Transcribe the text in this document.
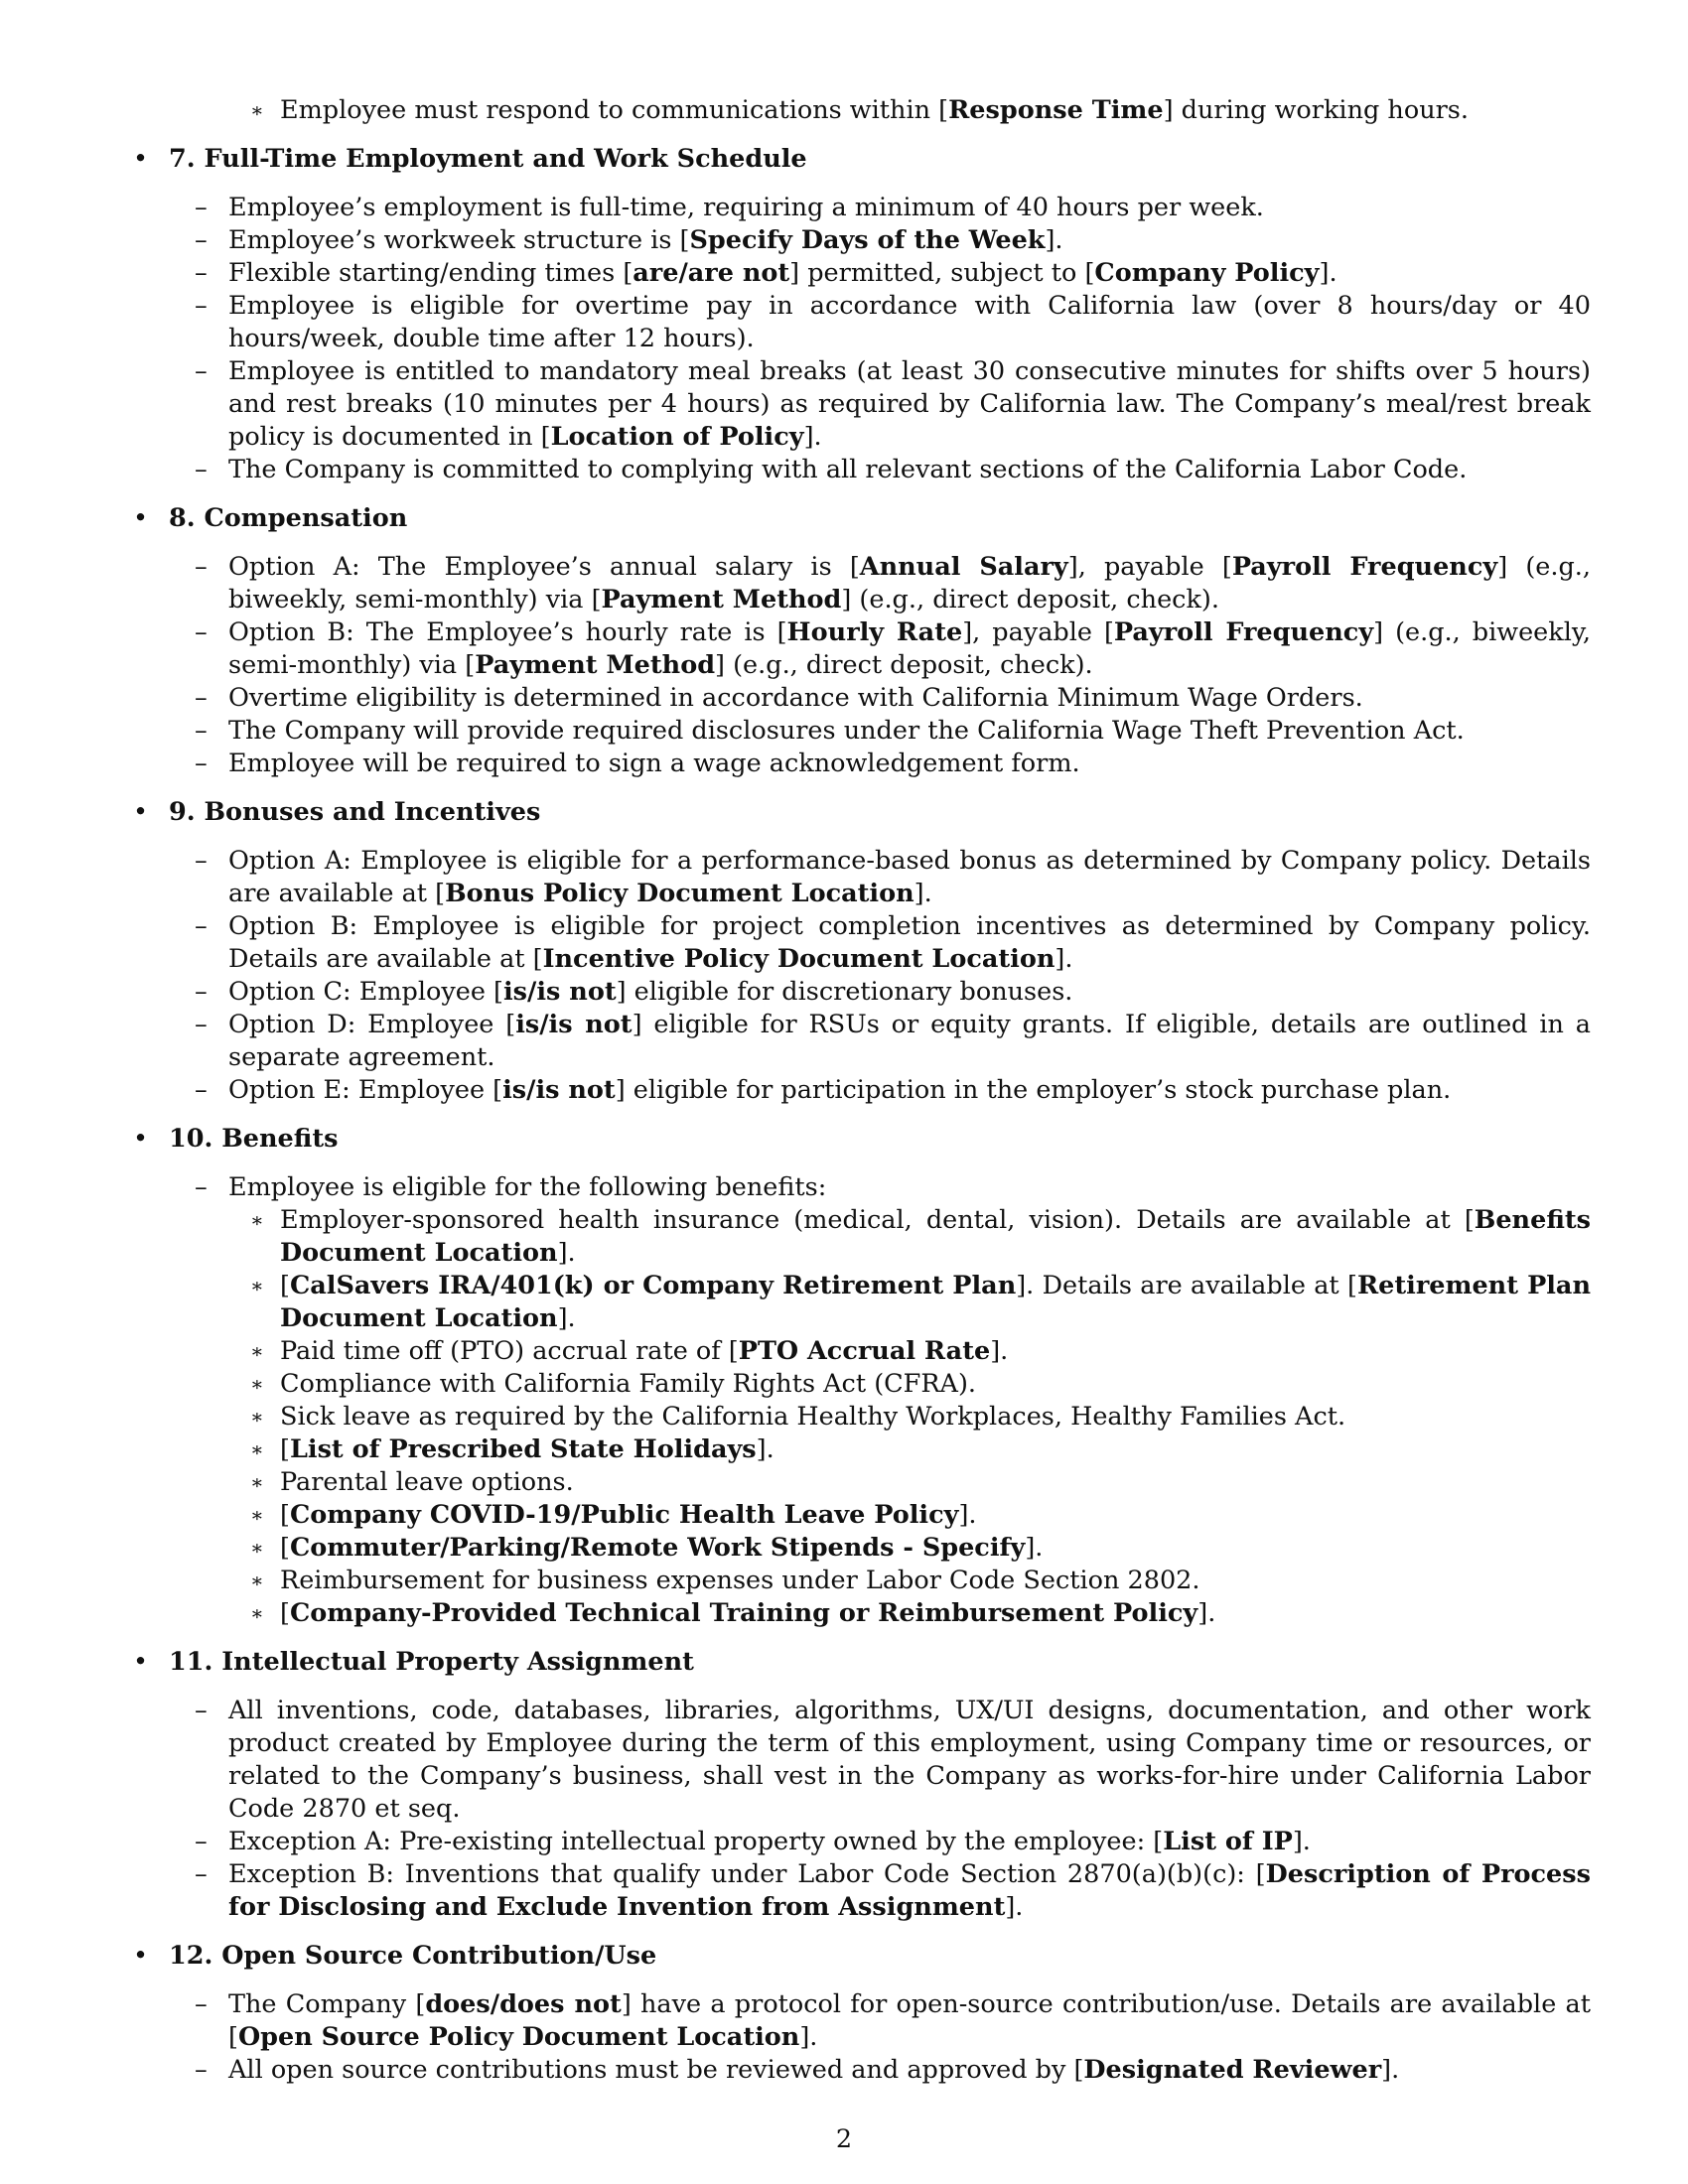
∗ Employee must respond to communications within [Response Time] during working hours.
• 7. Full-Time Employment and Work Schedule
– Employee’s employment is full-time, requiring a minimum of 40 hours per week.
– Employee’s workweek structure is [Specify Days of the Week].
– Flexible starting/ending times [are/are not] permitted, subject to [Company Policy].
– Employee is eligible for overtime pay in accordance with California law (over 8 hours/day or 40 hours/week, double time after 12 hours).
– Employee is entitled to mandatory meal breaks (at least 30 consecutive minutes for shifts over 5 hours) and rest breaks (10 minutes per 4 hours) as required by California law. The Company’s meal/rest break policy is documented in [Location of Policy].
– The Company is committed to complying with all relevant sections of the California Labor Code.
• 8. Compensation
– Option A: The Employee’s annual salary is [Annual Salary], payable [Payroll Frequency] (e.g., biweekly, semi-monthly) via [Payment Method] (e.g., direct deposit, check).
– Option B: The Employee’s hourly rate is [Hourly Rate], payable [Payroll Frequency] (e.g., biweekly, semi-monthly) via [Payment Method] (e.g., direct deposit, check).
– Overtime eligibility is determined in accordance with California Minimum Wage Orders.
– The Company will provide required disclosures under the California Wage Theft Prevention Act.
– Employee will be required to sign a wage acknowledgement form.
• 9. Bonuses and Incentives
– Option A: Employee is eligible for a performance-based bonus as determined by Company policy. Details are available at [Bonus Policy Document Location].
– Option B: Employee is eligible for project completion incentives as determined by Company policy. Details are available at [Incentive Policy Document Location].
– Option C: Employee [is/is not] eligible for discretionary bonuses.
– Option D: Employee [is/is not] eligible for RSUs or equity grants. If eligible, details are outlined in a separate agreement.
– Option E: Employee [is/is not] eligible for participation in the employer’s stock purchase plan.
• 10. Benefits
– Employee is eligible for the following benefits:
∗ Employer-sponsored health insurance (medical, dental, vision). Details are available at [Benefits Document Location].
∗ [CalSavers IRA/401(k) or Company Retirement Plan]. Details are available at [Retirement Plan Document Location].
∗ Paid time off (PTO) accrual rate of [PTO Accrual Rate].
∗ Compliance with California Family Rights Act (CFRA).
∗ Sick leave as required by the California Healthy Workplaces, Healthy Families Act.
∗ [List of Prescribed State Holidays].
∗ Parental leave options.
∗ [Company COVID-19/Public Health Leave Policy].
∗ [Commuter/Parking/Remote Work Stipends - Specify].
∗ Reimbursement for business expenses under Labor Code Section 2802.
∗ [Company-Provided Technical Training or Reimbursement Policy].
• 11. Intellectual Property Assignment
– All inventions, code, databases, libraries, algorithms, UX/UI designs, documentation, and other work product created by Employee during the term of this employment, using Company time or resources, or related to the Company’s business, shall vest in the Company as works-for-hire under California Labor Code 2870 et seq.
– Exception A: Pre-existing intellectual property owned by the employee: [List of IP].
– Exception B: Inventions that qualify under Labor Code Section 2870(a)(b)(c): [Description of Process for Disclosing and Exclude Invention from Assignment].
• 12. Open Source Contribution/Use
– The Company [does/does not] have a protocol for open-source contribution/use. Details are available at [Open Source Policy Document Location].
– All open source contributions must be reviewed and approved by [Designated Reviewer].
2
